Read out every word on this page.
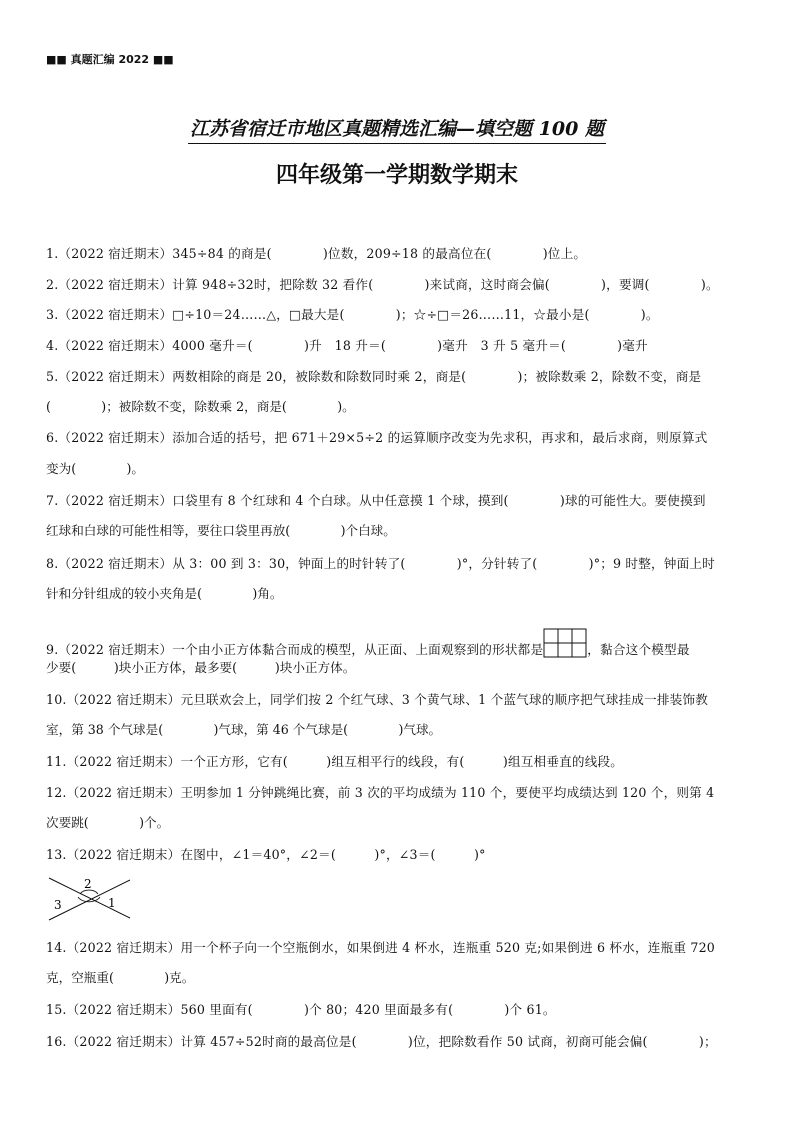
■■ 真题汇编 2022 ■■
江苏省宿迁市地区真题精选汇编—填空题 100 题
四年级第一学期数学期末
1.（2022 宿迁期末）345÷84 的商是(　　　　)位数，209÷18 的最高位在(　　　　)位上。
2.（2022 宿迁期末）计算 948÷32时，把除数 32 看作(　　　　)来试商，这时商会偏(　　　　)，要调(　　　　)。
3.（2022 宿迁期末）□÷10＝24……△，□最大是(　　　　)；☆÷□＝26……11，☆最小是(　　　　)。
4.（2022 宿迁期末）4000 毫升＝(　　　　)升　18 升＝(　　　　)毫升　3 升 5 毫升＝(　　　　)毫升
5.（2022 宿迁期末）两数相除的商是 20，被除数和除数同时乘 2，商是(　　　　)；被除数乘 2，除数不变，商是
(　　　　)；被除数不变，除数乘 2，商是(　　　　)。
6.（2022 宿迁期末）添加合适的括号，把 671＋29×5÷2 的运算顺序改变为先求积，再求和，最后求商，则原算式
变为(　　　　)。
7.（2022 宿迁期末）口袋里有 8 个红球和 4 个白球。从中任意摸 1 个球，摸到(　　　　)球的可能性大。要使摸到
红球和白球的可能性相等，要往口袋里再放(　　　　)个白球。
8.（2022 宿迁期末）从 3：00 到 3：30，钟面上的时针转了(　　　　)°，分针转了(　　　　)°；9 时整，钟面上时
针和分针组成的较小夹角是(　　　　)角。
9.（2022 宿迁期末）一个由小正方体黏合而成的模型，从正面、上面观察到的形状都是	，黏合这个模型最
少要(　　　)块小正方体，最多要(　　　)块小正方体。
10.（2022 宿迁期末）元旦联欢会上，同学们按 2 个红气球、3 个黄气球、1 个蓝气球的顺序把气球挂成一排装饰教
室，第 38 个气球是(　　　　)气球，第 46 个气球是(　　　　)气球。
11.（2022 宿迁期末）一个正方形，它有(　　　)组互相平行的线段，有(　　　)组互相垂直的线段。
12.（2022 宿迁期末）王明参加 1 分钟跳绳比赛，前 3 次的平均成绩为 110 个，要使平均成绩达到 120 个，则第 4
次要跳(　　　　)个。
13.（2022 宿迁期末）在图中，∠1＝40°，∠2＝(　　　)°，∠3＝(　　　)°
2
3	1
14.（2022 宿迁期末）用一个杯子向一个空瓶倒水，如果倒进 4 杯水，连瓶重 520 克;如果倒进 6 杯水，连瓶重 720
克，空瓶重(　　　　)克。
15.（2022 宿迁期末）560 里面有(　　　　)个 80；420 里面最多有(　　　　)个 61。
16.（2022 宿迁期末）计算 457÷52时商的最高位是(　　　　)位，把除数看作 50 试商，初商可能会偏(　　　　)；
